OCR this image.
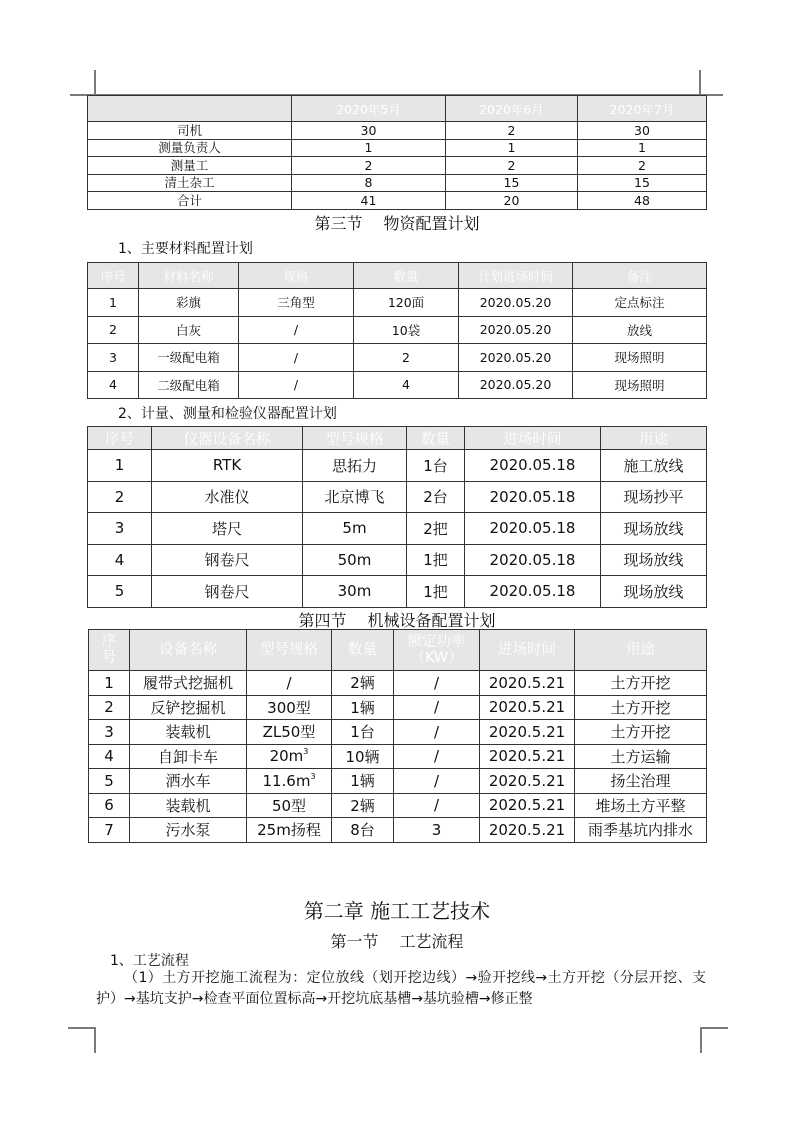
	2020年5月	2020年6月	2020年7月
司机	30	2	30
测量负责人	1	1	1
测量工	2	2	2
清土杂工	8	15	15
合计	41	20	48
第三节　 物资配置计划
1、主要材料配置计划
序号	材料名称	规格	数量	计划进场时间	备注
1	彩旗	三角型	120面	2020.05.20	定点标注
2	白灰	/	10袋	2020.05.20	放线
3	一级配电箱	/	2	2020.05.20	现场照明
4	二级配电箱	/	4	2020.05.20	现场照明
2、计量、测量和检验仪器配置计划
序号	仪器设备名称	型号规格	数量	进场时间	用途
1	RTK	思拓力	1台	2020.05.18	施工放线
2	水准仪	北京博飞	2台	2020.05.18	现场抄平
3	塔尺	5m	2把	2020.05.18	现场放线
4	钢卷尺	50m	1把	2020.05.18	现场放线
5	钢卷尺	30m	1把	2020.05.18	现场放线
第四节　 机械设备配置计划
序号	设备名称	型号规格	数量	额定功率（KW）	进场时间	用途
1	履带式挖掘机	/	2辆	/	2020.5.21	土方开挖
2	反铲挖掘机	300型	1辆	/	2020.5.21	土方开挖
3	装载机	ZL50型	1台	/	2020.5.21	土方开挖
4	自卸卡车	$20m^3$	10辆	/	2020.5.21	土方运输
5	洒水车	$11.6m^3$	1辆	/	2020.5.21	扬尘治理
6	装载机	50型	2辆	/	2020.5.21	堆场土方平整
7	污水泵	25m扬程	8台	3	2020.5.21	雨季基坑内排水
第二章 施工工艺技术
第一节　 工艺流程
1、工艺流程
（1）土方开挖施工流程为：定位放线（划开挖边线）→验开挖线→土方开挖（分层开挖、支护）→基坑支护→检查平面位置标高→开挖坑底基槽→基坑验槽→修正整
